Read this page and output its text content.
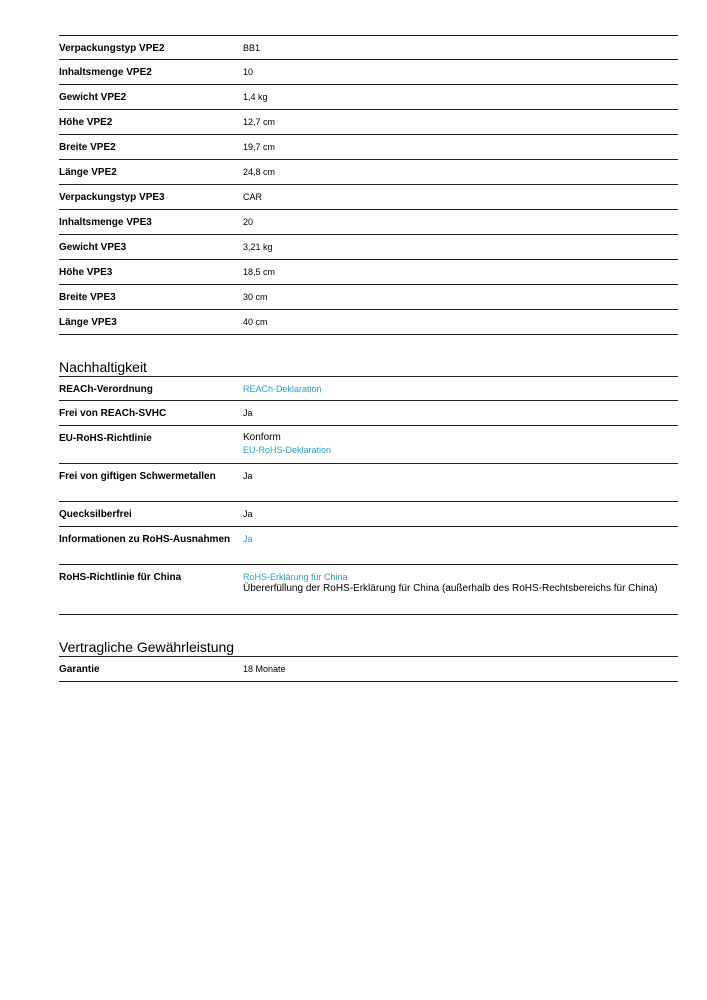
Verpackungstyp VPE2	BB1
Inhaltsmenge VPE2	10
Gewicht VPE2	1,4 kg
Höhe VPE2	12,7 cm
Breite VPE2	19,7 cm
Länge VPE2	24,8 cm
Verpackungstyp VPE3	CAR
Inhaltsmenge VPE3	20
Gewicht VPE3	3,21 kg
Höhe VPE3	18,5 cm
Breite VPE3	30 cm
Länge VPE3	40 cm
Nachhaltigkeit
REACh-Verordnung	REACh-Deklaration
Frei von REACh-SVHC	Ja
EU-RoHS-Richtlinie	Konform
EU-RoHS-Deklaration
Frei von giftigen Schwermetallen	Ja
Quecksilberfrei	Ja
Informationen zu RoHS-Ausnahmen	Ja
RoHS-Richtlinie für China	RoHS-Erklärung für China
Übererfüllung der RoHS-Erklärung für China (außerhalb des RoHS-Rechtsbereichs für China)
Vertragliche Gewährleistung
Garantie	18 Monate
